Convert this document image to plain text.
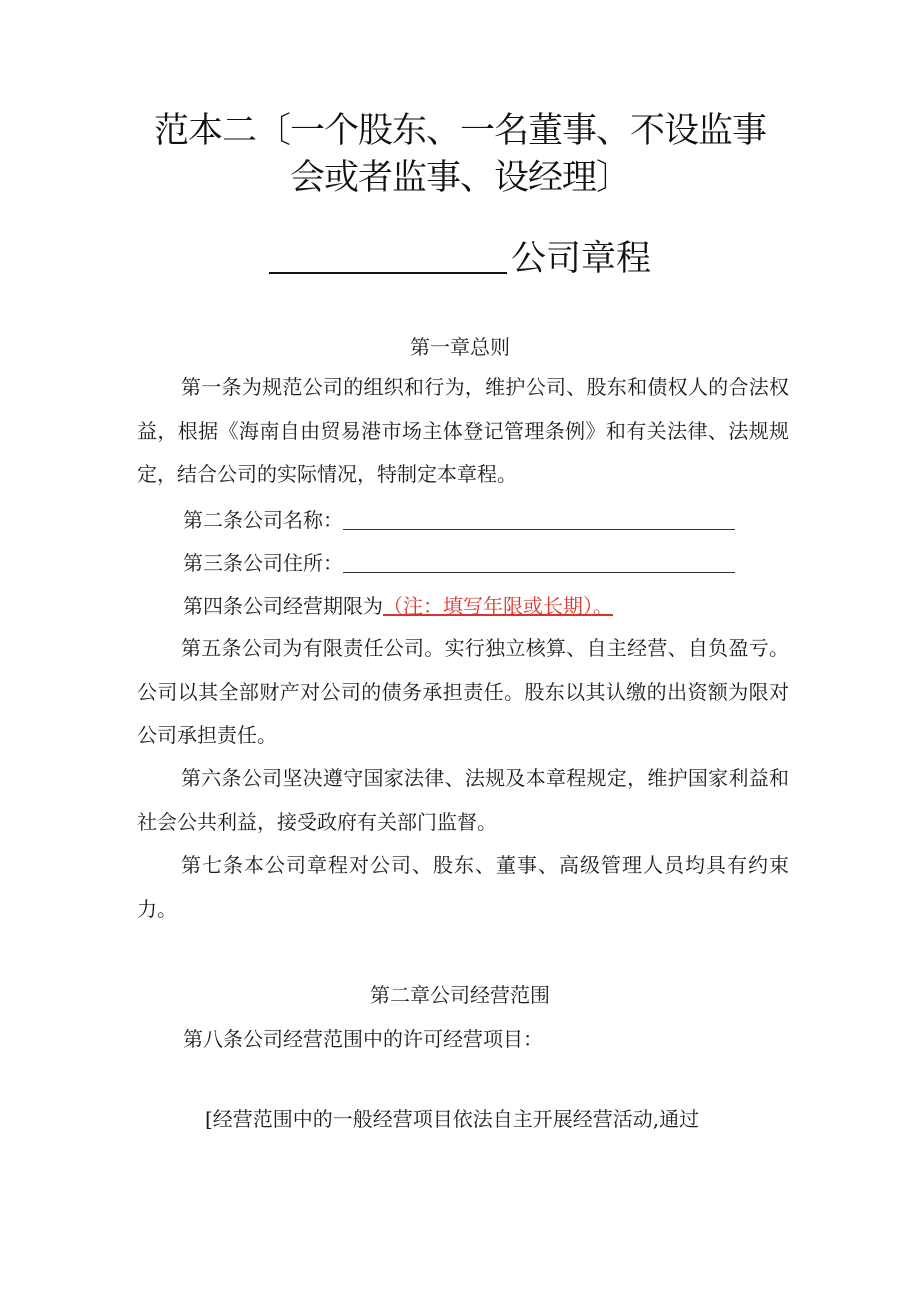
范本二〔一个股东、一名董事、不设监事
会或者监事、设经理〕
公司章程
第一章总则

第一条为规范公司的组织和行为，维护公司、股东和债权人的合法权益，根据《海南自由贸易港市场主体登记管理条例》和有关法律、法规规定，结合公司的实际情况，特制定本章程。

第二条公司名称：
第三条公司住所：
第四条公司经营期限为（注：填写年限或长期）。

第五条公司为有限责任公司。实行独立核算、自主经营、自负盈亏。公司以其全部财产对公司的债务承担责任。股东以其认缴的出资额为限对公司承担责任。

第六条公司坚决遵守国家法律、法规及本章程规定，维护国家利益和社会公共利益，接受政府有关部门监督。

第七条本公司章程对公司、股东、董事、高级管理人员均具有约束力。

第二章公司经营范围
第八条公司经营范围中的许可经营项目：
[经营范围中的一般经营项目依法自主开展经营活动,通过
